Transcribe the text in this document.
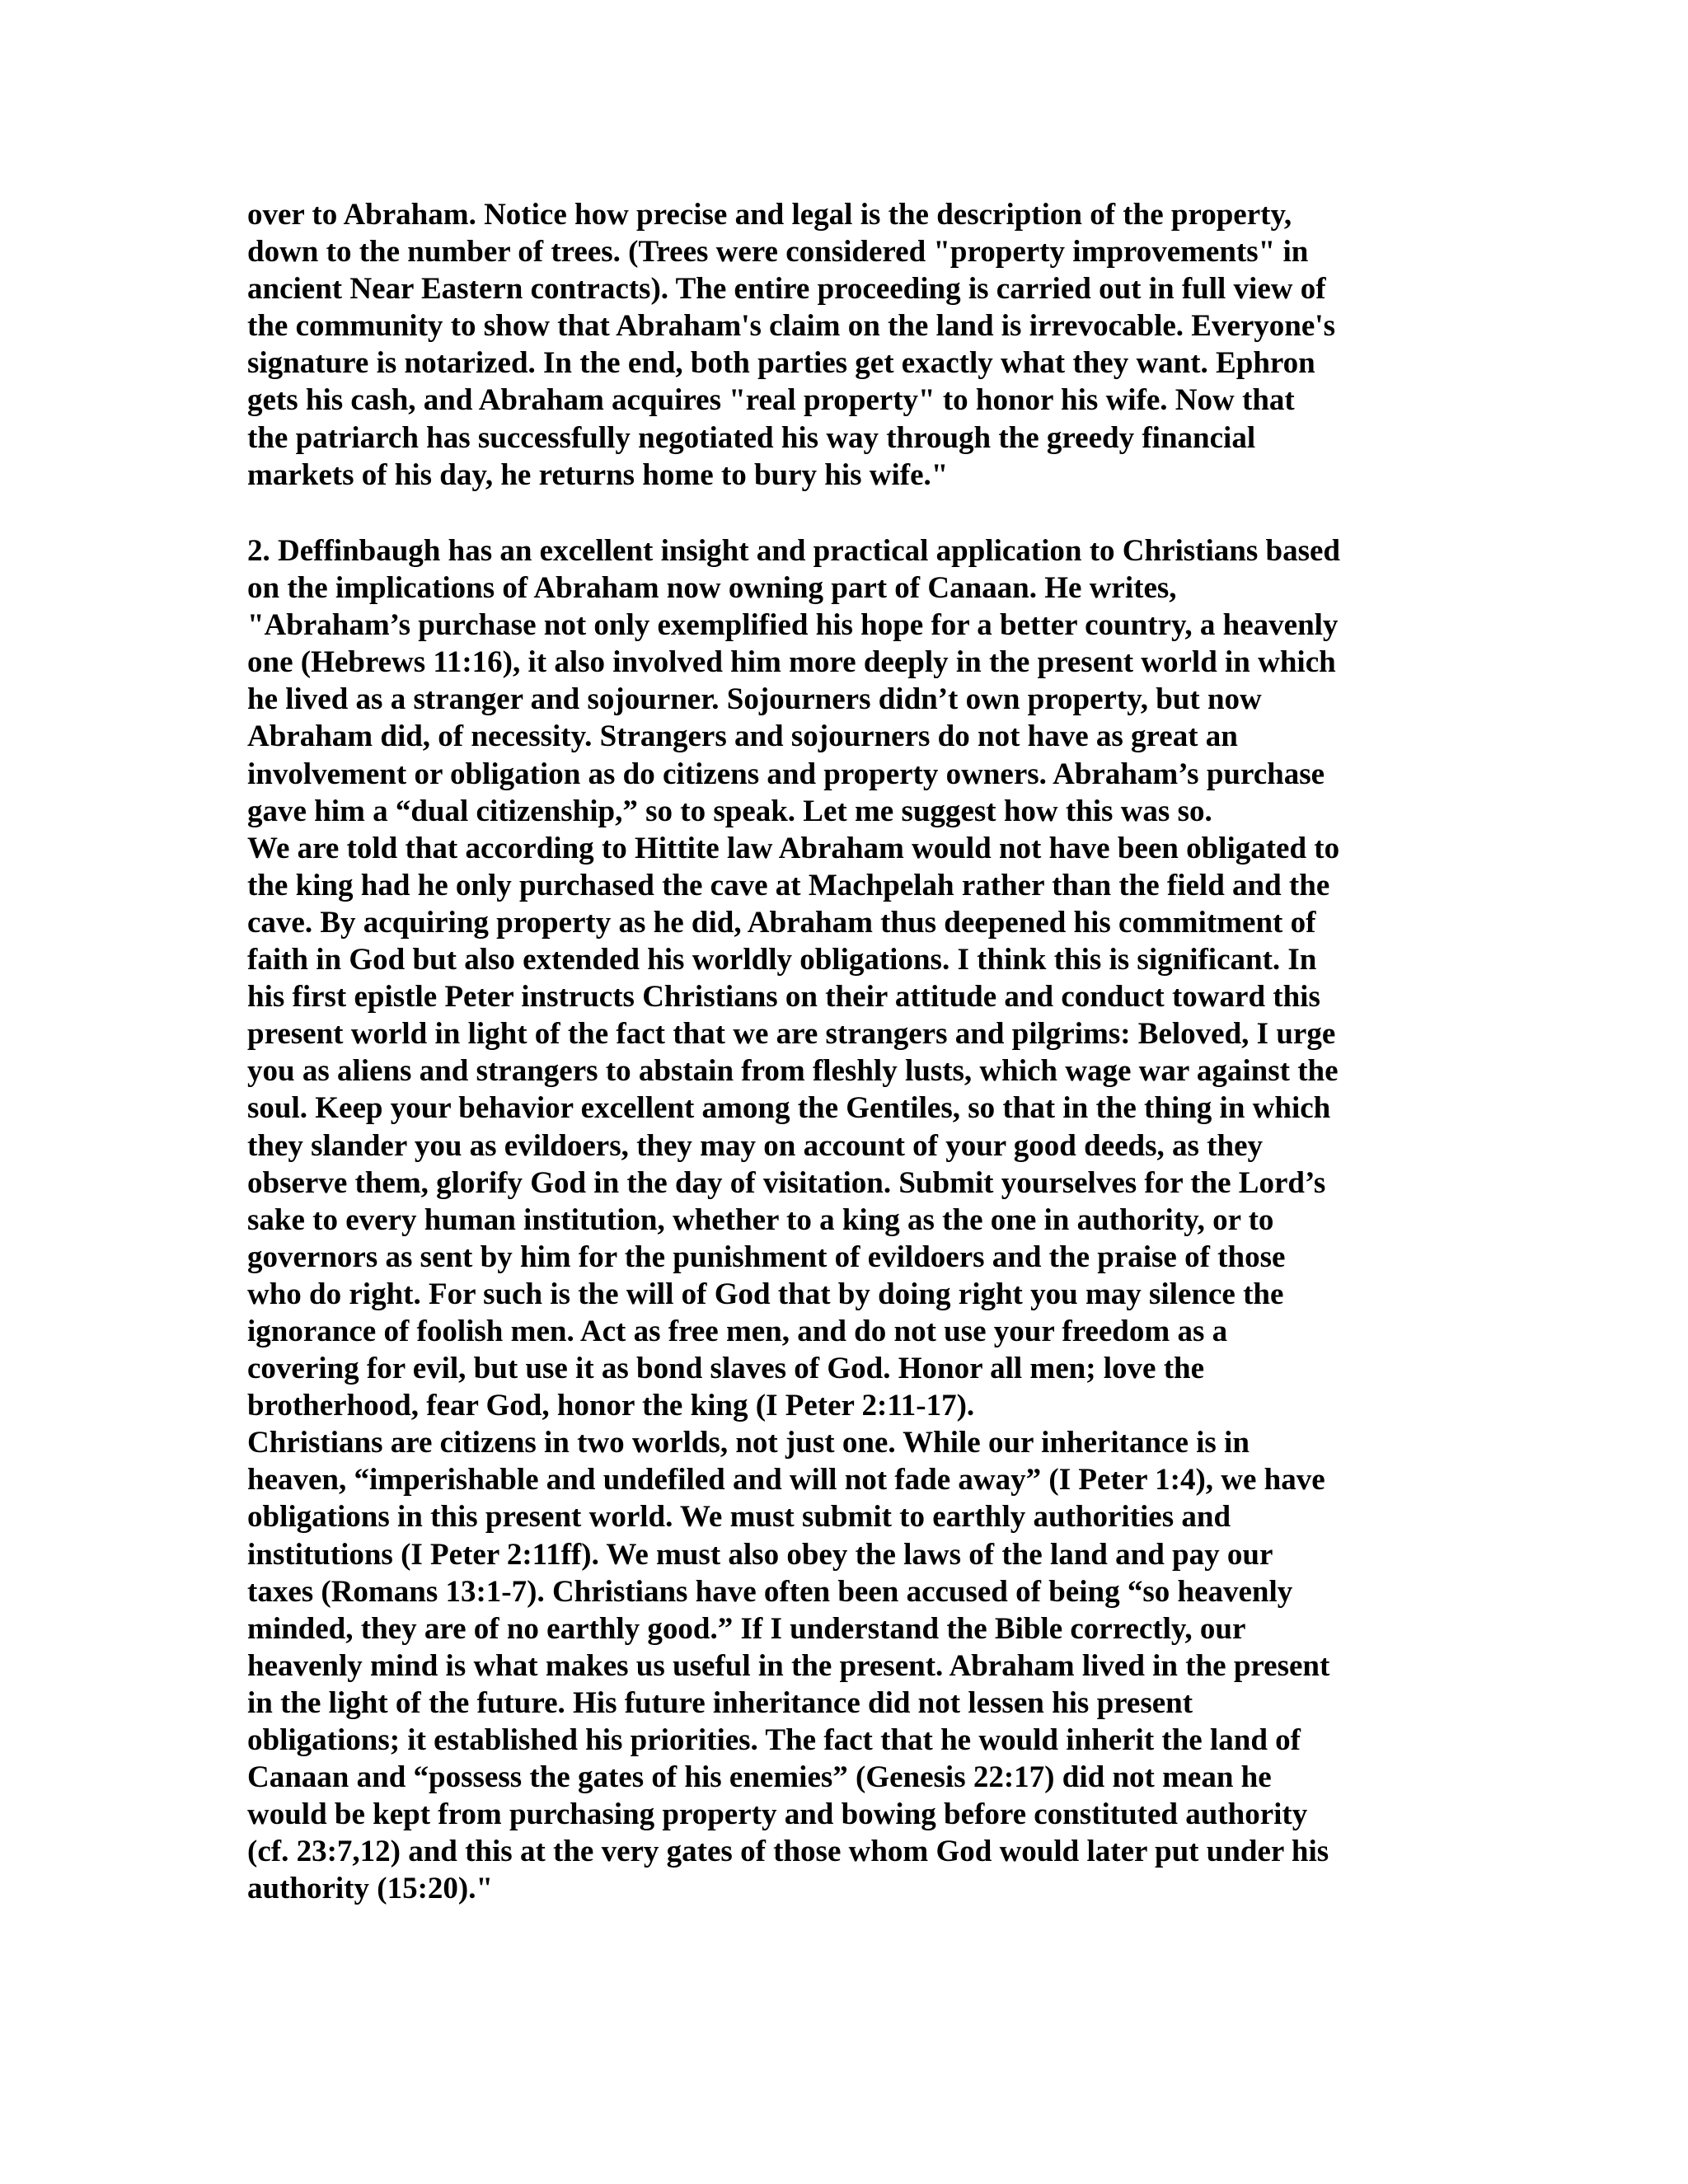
over to Abraham. Notice how precise and legal is the description of the property,
down to the number of trees. (Trees were considered "property improvements" in
ancient Near Eastern contracts). The entire proceeding is carried out in full view of
the community to show that Abraham's claim on the land is irrevocable. Everyone's
signature is notarized. In the end, both parties get exactly what they want. Ephron
gets his cash, and Abraham acquires "real property" to honor his wife. Now that
the patriarch has successfully negotiated his way through the greedy financial
markets of his day, he returns home to bury his wife."
2. Deffinbaugh has an excellent insight and practical application to Christians based
on the implications of Abraham now owning part of Canaan. He writes,
"Abraham’s purchase not only exemplified his hope for a better country, a heavenly
one (Hebrews 11:16), it also involved him more deeply in the present world in which
he lived as a stranger and sojourner. Sojourners didn’t own property, but now
Abraham did, of necessity. Strangers and sojourners do not have as great an
involvement or obligation as do citizens and property owners. Abraham’s purchase
gave him a “dual citizenship,” so to speak. Let me suggest how this was so.
We are told that according to Hittite law Abraham would not have been obligated to
the king had he only purchased the cave at Machpelah rather than the field and the
cave. By acquiring property as he did, Abraham thus deepened his commitment of
faith in God but also extended his worldly obligations. I think this is significant. In
his first epistle Peter instructs Christians on their attitude and conduct toward this
present world in light of the fact that we are strangers and pilgrims: Beloved, I urge
you as aliens and strangers to abstain from fleshly lusts, which wage war against the
soul. Keep your behavior excellent among the Gentiles, so that in the thing in which
they slander you as evildoers, they may on account of your good deeds, as they
observe them, glorify God in the day of visitation. Submit yourselves for the Lord’s
sake to every human institution, whether to a king as the one in authority, or to
governors as sent by him for the punishment of evildoers and the praise of those
who do right. For such is the will of God that by doing right you may silence the
ignorance of foolish men. Act as free men, and do not use your freedom as a
covering for evil, but use it as bond slaves of God. Honor all men; love the
brotherhood, fear God, honor the king (I Peter 2:11-17).
Christians are citizens in two worlds, not just one. While our inheritance is in
heaven, “imperishable and undefiled and will not fade away” (I Peter 1:4), we have
obligations in this present world. We must submit to earthly authorities and
institutions (I Peter 2:11ff). We must also obey the laws of the land and pay our
taxes (Romans 13:1-7). Christians have often been accused of being “so heavenly
minded, they are of no earthly good.” If I understand the Bible correctly, our
heavenly mind is what makes us useful in the present. Abraham lived in the present
in the light of the future. His future inheritance did not lessen his present
obligations; it established his priorities. The fact that he would inherit the land of
Canaan and “possess the gates of his enemies” (Genesis 22:17) did not mean he
would be kept from purchasing property and bowing before constituted authority
(cf. 23:7,12) and this at the very gates of those whom God would later put under his
authority (15:20)."
